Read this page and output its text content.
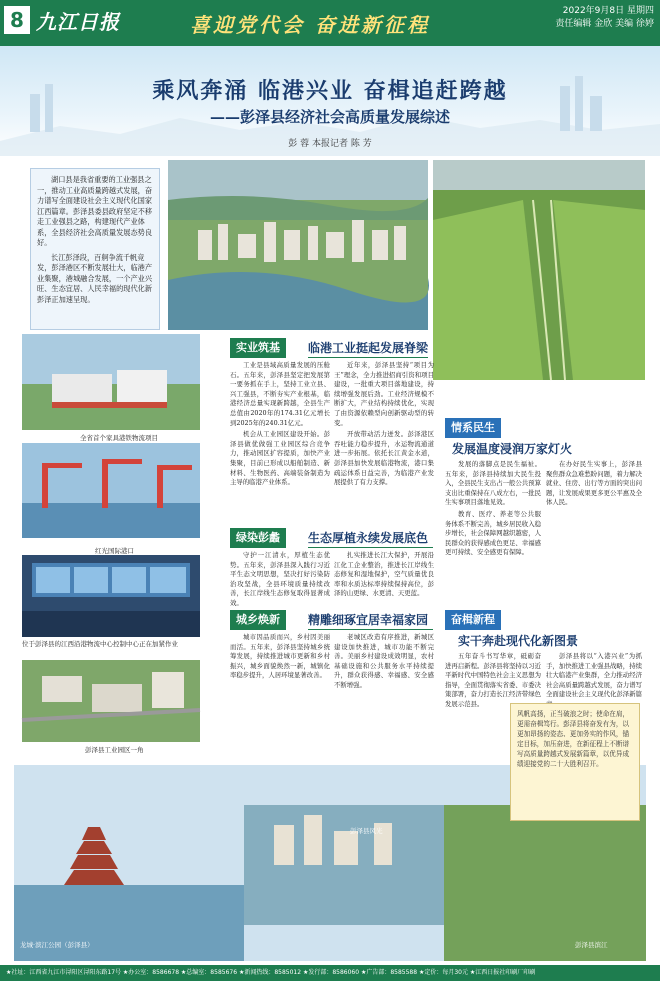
8 九江日报	喜迎党代会 奋进新征程
2022年9月8日 星期四
责任编辑 金欣 美编 徐婷
乘风奔涌 临港兴业 奋楫追赶跨越
——彭泽县经济社会高质量发展综述
彭 蓉 本报记者 陈 芳

湖口县是我省重要的工业强县之一，推动工业高质量跨越式发展，奋力谱写全面建设社会主义现代化国家江西篇章。彭泽县委县政府坚定不移走工业强县之路，构建现代产业体系，全县经济社会高质量发展态势良好。

长江彭泽段，百舸争流千帆竞发，彭泽港区不断发展壮大，临港产业集聚，港城融合发展，一个产业兴旺、生态宜居、人民幸福的现代化新彭泽正加速呈现。

全省首个家具港铁物流项目
红光国际港口
位于彭泽县的江西沿港物流中心控制中心正在加紧作业
彭泽县工业园区一角
龙城·滨江公园（彭泽县）
彭泽县风光
彭泽县滨江
实业筑基	临港工业挺起发展脊梁

工业是县域高质量发展的压舱石。五年来，彭泽县坚定把发展第一要务抓在手上，坚持工业立县、兴工强县，不断夯实产业根基，临港经济总量实现新跨越，全县生产总值由2020年的174.31亿元增长到2025年的240.31亿元。

机会从工业园区建设开始。彭泽县做优做强工业园区综合竞争力，推动园区扩容提质，加快产业集聚，目前已形成以船舶制造、新材料、生物医药、高端装备制造为主导的临港产业体系。

近年来，彭泽县坚持“项目为王”理念，全力推进招商引资和项目建设，一批重大项目落地建设，持续增强发展后劲。工业经济规模不断扩大，产业结构持续优化，实现了由资源依赖型向创新驱动型的转变。

开放带动活力迸发。彭泽港区吞吐能力稳步提升，水运物流通道进一步拓展。依托长江黄金水道，彭泽县加快发展临港物流，港口集疏运体系日益完善，为临港产业发展提供了有力支撑。

绿染彭蠡	生态厚植永续发展底色

守护一江清水，厚植生态优势。五年来，彭泽县深入践行习近平生态文明思想，坚决打好污染防治攻坚战，全县环境质量持续改善，长江岸线生态修复取得显著成效。

扎实推进长江大保护，开展沿江化工企业整治，推进长江岸线生态修复和湿地保护，空气质量优良率和水质达标率持续保持高位，彭泽的山更绿、水更清、天更蓝。

城乡焕新	精雕细琢宜居幸福家园

城市因品质而兴，乡村因美丽而活。五年来，彭泽县坚持城乡统筹发展，持续推进城市更新和乡村振兴，城乡面貌焕然一新，城镇化率稳步提升，人居环境显著改善。

老城区改造有序推进，新城区建设加快推进，城市功能不断完善。美丽乡村建设成效明显，农村基础设施和公共服务水平持续提升，群众获得感、幸福感、安全感不断增强。

情系民生
发展温度浸润万家灯火

发展的落脚点是民生福祉。五年来，彭泽县持续加大民生投入，全县民生支出占一般公共预算支出比重保持在八成左右，一批民生实事项目落地见效。

教育、医疗、养老等公共服务体系不断完善，城乡居民收入稳步增长，社会保障网越织越密，人民群众的获得感成色更足、幸福感更可持续、安全感更有保障。

在办好民生实事上，彭泽县聚焦群众急难愁盼问题，着力解决就业、住房、出行等方面的突出问题，让发展成果更多更公平惠及全体人民。

奋楫新程
实干奔赴现代化新图景

五年奋斗书写华章，砥砺奋进再启新程。彭泽县将坚持以习近平新时代中国特色社会主义思想为指导，全面贯彻落实省委、市委决策部署，奋力打造长江经济带绿色发展示范县。

彭泽县将以“入港兴业”为抓手，加快推进工业强县战略，持续壮大临港产业集群，全力推动经济社会高质量跨越式发展，奋力谱写全面建设社会主义现代化彭泽新篇

风帆高扬，正当破浪之时；使命在肩，更需奋楫笃行。彭泽县将奋发有为，以更加昂扬的姿态、更加务实的作风，锚定目标，加压奋进，在新征程上不断谱写高质量跨越式发展新篇章，以优异成绩迎接党的二十大胜利召开。
★社址：江西省九江市浔阳区浔阳东路17号 ★办公室：8586678 ★总编室：8585676 ★新闻热线：8585012 ★发行部：8586060 ★广告部：8585588 ★定价：每月30元 ★江西日报社印刷厂印刷
